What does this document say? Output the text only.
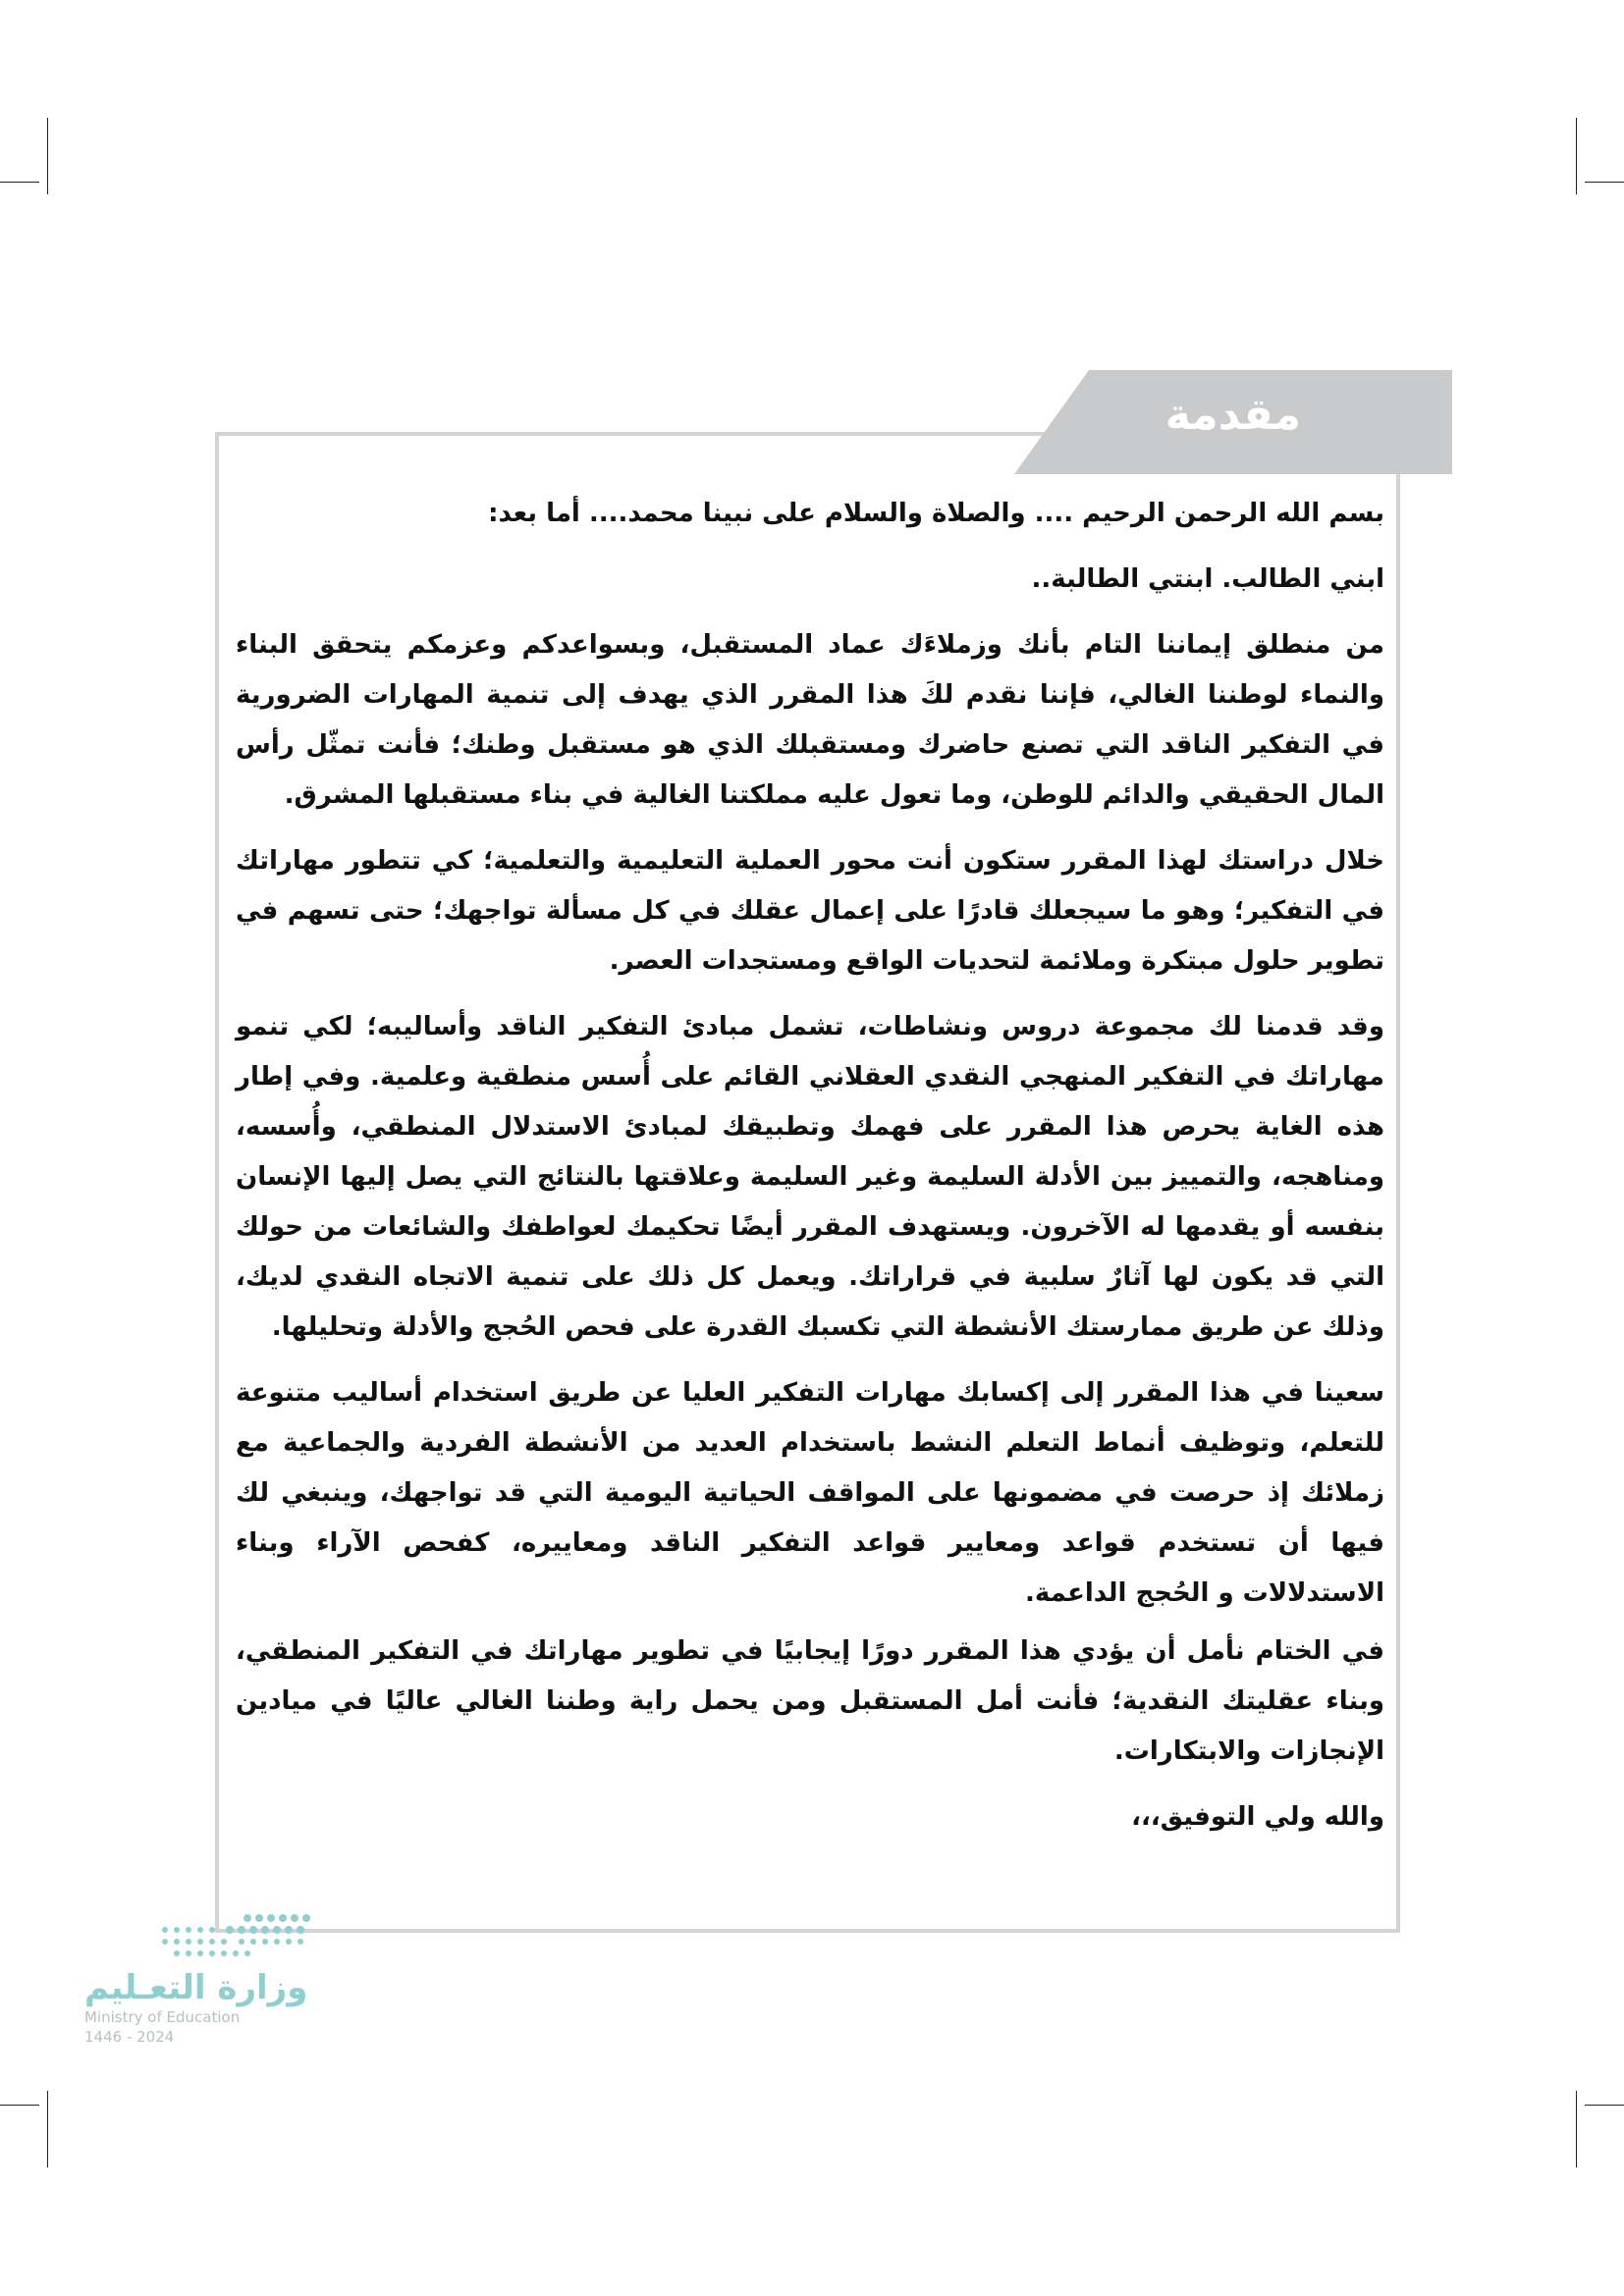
مقدمة

بسم الله الرحمن الرحيم .... والصلاة والسلام على نبينا محمد.... أما بعد:

ابني الطالب. ابنتي الطالبة..

من منطلق إيماننا التام بأنك وزملاءَك عماد المستقبل، وبسواعدكم وعزمكم يتحقق البناء والنماء لوطننا الغالي، فإننا نقدم لكَ هذا المقرر الذي يهدف إلى تنمية المهارات الضرورية في التفكير الناقد التي تصنع حاضرك ومستقبلك الذي هو مستقبل وطنك؛ فأنت تمثّل رأس المال الحقيقي والدائم للوطن، وما تعول عليه مملكتنا الغالية في بناء مستقبلها المشرق.

خلال دراستك لهذا المقرر ستكون أنت محور العملية التعليمية والتعلمية؛ كي تتطور مهاراتك في التفكير؛ وهو ما سيجعلك قادرًا على إعمال عقلك في كل مسألة تواجهك؛ حتى تسهم في تطوير حلول مبتكرة وملائمة لتحديات الواقع ومستجدات العصر.

وقد قدمنا لك مجموعة دروس ونشاطات، تشمل مبادئ التفكير الناقد وأساليبه؛ لكي تنمو مهاراتك في التفكير المنهجي النقدي العقلاني القائم على أُسس منطقية وعلمية. وفي إطار هذه الغاية يحرص هذا المقرر على فهمك وتطبيقك لمبادئ الاستدلال المنطقي، وأُسسه، ومناهجه، والتمييز بين الأدلة السليمة وغير السليمة وعلاقتها بالنتائج التي يصل إليها الإنسان بنفسه أو يقدمها له الآخرون. ويستهدف المقرر أيضًا تحكيمك لعواطفك والشائعات من حولك التي قد يكون لها آثارٌ سلبية في قراراتك. ويعمل كل ذلك على تنمية الاتجاه النقدي لديك، وذلك عن طريق ممارستك الأنشطة التي تكسبك القدرة على فحص الحُجج والأدلة وتحليلها.

سعينا في هذا المقرر إلى إكسابك مهارات التفكير العليا عن طريق استخدام أساليب متنوعة للتعلم، وتوظيف أنماط التعلم النشط باستخدام العديد من الأنشطة الفردية والجماعية مع زملائك إذ حرصت في مضمونها على المواقف الحياتية اليومية التي قد تواجهك، وينبغي لك فيها أن تستخدم قواعد ومعايير قواعد التفكير الناقد ومعاييره، كفحص الآراء وبناء الاستدلالات و الحُجج الداعمة.

في الختام نأمل أن يؤدي هذا المقرر دورًا إيجابيًا في تطوير مهاراتك في التفكير المنطقي، وبناء عقليتك النقدية؛ فأنت أمل المستقبل ومن يحمل راية وطننا الغالي عاليًا في ميادين الإنجازات والابتكارات.

والله ولي التوفيق،،،

وزارة التعـليم
Ministry of Education
2024 - 1446
